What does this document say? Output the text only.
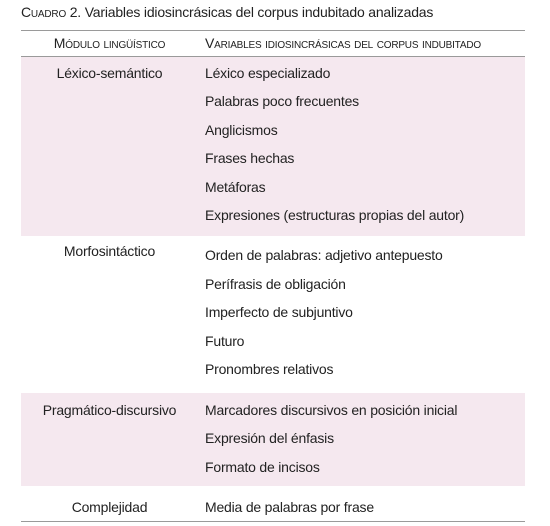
Cuadro 2. Variables idiosincrásicas del corpus indubitado analizadas
Módulo lingüístico	Variables idiosincrásicas del corpus indubitado
Léxico-semántico	Léxico especializado
Palabras poco frecuentes
Anglicismos
Frases hechas
Metáforas
Expresiones (estructuras propias del autor)
Morfosintáctico	Orden de palabras: adjetivo antepuesto
Perífrasis de obligación
Imperfecto de subjuntivo
Futuro
Pronombres relativos
Pragmático-discursivo	Marcadores discursivos en posición inicial
Expresión del énfasis
Formato de incisos
Complejidad	Media de palabras por frase
